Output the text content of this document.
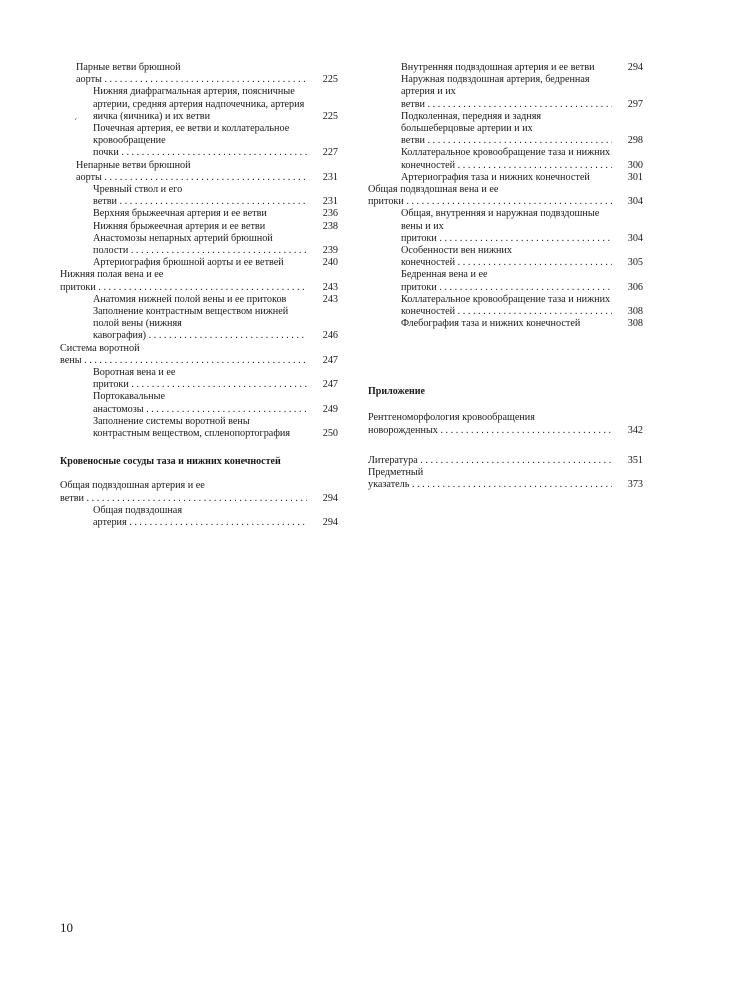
Парные ветви брюшной аорты . . .	225
Нижняя диафрагмальная артерия, поясничные артерии, средняя артерия надпочечника, артерия яичка (яичника) и их ветви	225
Почечная артерия, ее ветви и коллатеральное кровообращение почки . . .	227
Непарные ветви брюшной аорты . . .	231
Чревный ствол и его ветви . . .	231
Верхняя брыжеечная артерия и ее ветви	236
Нижняя брыжеечная артерия и ее ветви	238
Анастомозы непарных артерий брюшной полости . . .	239
Артериография брюшной аорты и ее ветвей	240
Нижняя полая вена и ее притоки . . .	243
Анатомия нижней полой вены и ее притоков	243
Заполнение контрастным веществом нижней полой вены (нижняя кавография) . . .	246
Система воротной вены . . .	247
Воротная вена и ее притоки . . .	247
Портокавальные анастомозы . . .	249
Заполнение системы воротной вены контрастным веществом, спленопортография	250
Кровеносные сосуды таза и нижних конечностей
Общая подвздошная артерия и ее ветви . . .	294
Общая подвздошная артерия . . .	294
Внутренняя подвздошная артерия и ее ветви	294
Наружная подвздошная артерия, бедренная артерия и их ветви . . .	297
Подколенная, передняя и задняя большеберцовые артерии и их ветви . . .	298
Коллатеральное кровообращение таза и нижних конечностей . . .	300
Артериография таза и нижних конечностей	301
Общая подвздошная вена и ее притоки . . .	304
Общая, внутренняя и наружная подвздошные вены и их притоки . . .	304
Особенности вен нижних конечностей . . .	305
Бедренная вена и ее притоки . . .	306
Коллатеральное кровообращение таза и нижних конечностей . . .	308
Флебография таза и нижних конечностей	308
Приложение
Рентгеноморфология кровообращения новорожденных . . .	342
Литература . . .	351
Предметный указатель . . .	373
´
10
